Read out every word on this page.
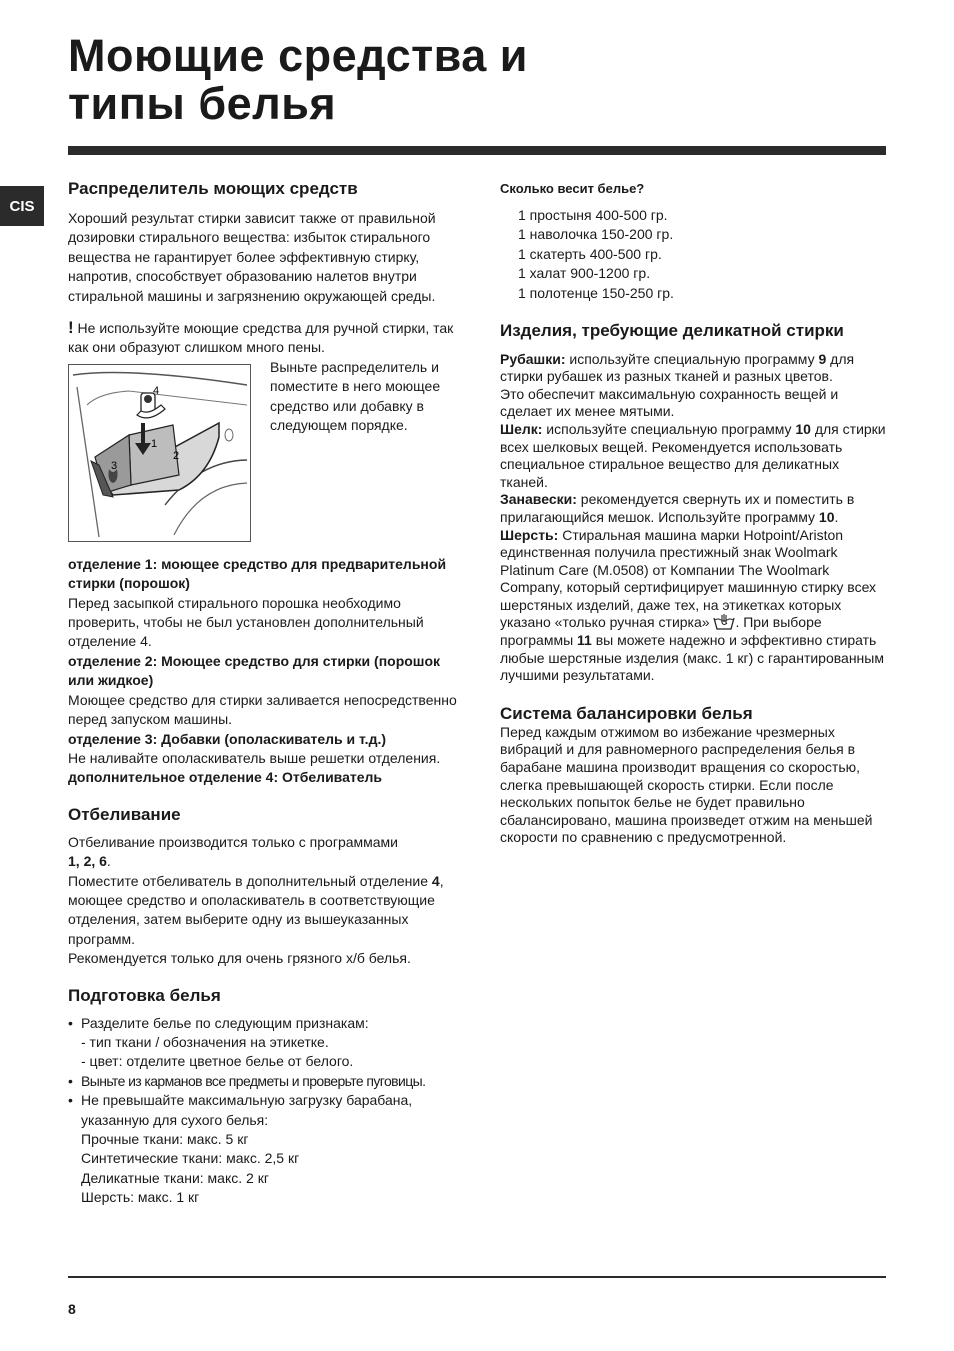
Моющие средства и
типы белья
CIS
Распределитель моющих средств

Хороший результат стирки зависит также от правильной дозировки стирального вещества: избыток стирального вещества не гарантирует более эффективную стирку, напротив, способствует образованию налетов внутри стиральной машины и загрязнению окружающей среды.

! Не используйте моющие средства для ручной стирки, так как они образуют слишком много пены.

4
1
2
3
Выньте распределитель и поместите в него моющее средство или добавку в следующем порядке.

отделение 1: моющее средство для предварительной стирки (порошок)

Перед засыпкой стирального порошка необходимо проверить, чтобы не был установлен дополнительный отделение 4.

отделение 2: Моющее средство для стирки (порошок или жидкое)

Моющее средство для стирки заливается непосредственно перед запуском машины.

отделение 3: Добавки (ополаскиватель и т.д.)

Не наливайте ополаскиватель выше решетки отделения.

дополнительное отделение 4: Отбеливатель

Отбеливание

Отбеливание производится только с программами

1, 2, 6.

Поместите отбеливатель в дополнительный отделение 4, моющее средство и ополаскиватель в соответствующие отделения, затем выберите одну из вышеуказанных программ.

Рекомендуется только для очень грязного х/б белья.

Подготовка белья
• Разделите белье по следующим признакам:
- тип ткани / обозначения на этикетке.
- цвет: отделите цветное белье от белого.
• Выньте из карманов все предметы и проверьте пуговицы.
• Не превышайте максимальную загрузку барабана, указанную для сухого белья:
Прочные ткани: макс. 5 кг
Синтетические ткани: макс. 2,5 кг
Деликатные ткани: макс. 2 кг
Шерсть: макс. 1 кг

Сколько весит белье?

1 простыня 400-500 гр.
1 наволочка 150-200 гр.
1 скатерть 400-500 гр.
1 халат 900-1200 гр.
1 полотенце 150-250 гр.
Изделия, требующие деликатной стирки

Рубашки: используйте специальную программу 9 для стирки рубашек из разных тканей и разных цветов.

Это обеспечит максимальную сохранность вещей и сделает их менее мятыми.

Шелк: используйте специальную программу 10 для стирки всех шелковых вещей. Рекомендуется использовать специальное стиральное вещество для деликатных тканей.

Занавески: рекомендуется свернуть их и поместить в прилагающийся мешок. Используйте программу 10.

Шерсть: Стиральная машина марки Hotpoint/Ariston единственная получила престижный знак Woolmark Platinum Care (M.0508) от Компании The Woolmark Company, который сертифицирует машинную стирку всех шерстяных изделий, даже тех, на этикетках которых указано «только ручная стирка» . При выборе программы 11 вы можете надежно и эффективно стирать любые шерстяные изделия (макс. 1 кг) с гарантированным лучшими результатами.

Система балансировки белья

Перед каждым отжимом во избежание чрезмерных вибраций и для равномерного распределения белья в барабане машина производит вращения со скоростью, слегка превышающей скорость стирки. Если после нескольких попыток белье не будет правильно сбалансировано, машина произведет отжим на меньшей скорости по сравнению с предусмотренной.

8
